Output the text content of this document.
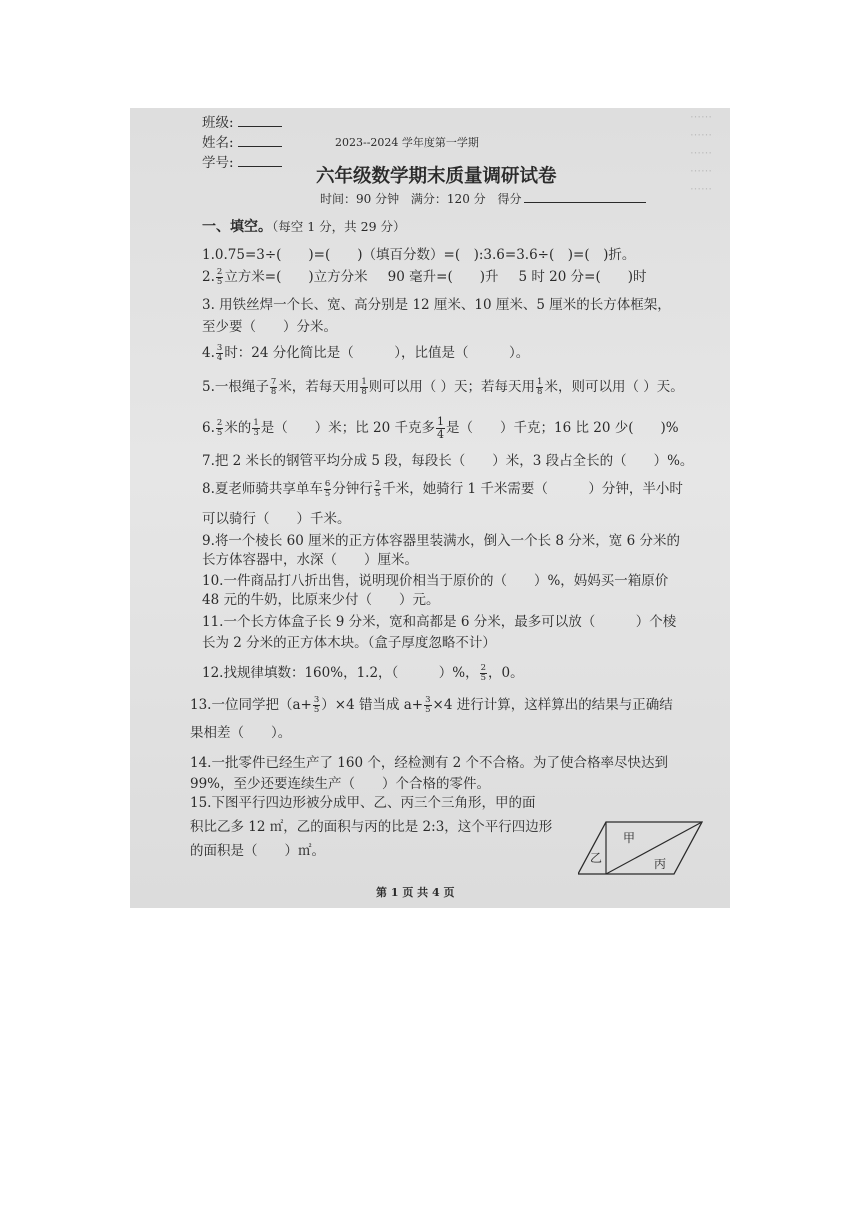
⋯⋯
⋯⋯
⋯⋯
⋯⋯
⋯⋯
班级:
姓名:
学号:
2023--2024 学年度第一学期
六年级数学期末质量调研试卷
时间：90 分钟 满分：120 分 得分
一、填空。（每空 1 分，共 29 分）
1.0.75=3÷(　　)=(　　)（填百分数）=(　):3.6=3.6÷(　)=(　)折。
2. $\frac{2}{5}$ 立方米=(　　)立方分米 90 毫升=(　　)升 5 时 20 分=(　　)时
3. 用铁丝焊一个长、宽、高分别是 12 厘米、10 厘米、5 厘米的长方体框架，
至少要（　　）分米。
4. $\frac{3}{4}$ 时：24 分化简比是（　　　），比值是（　　　）。
5.一根绳子 $\frac{7}{8}$ 米，若每天用 $\frac{1}{8}$ 则可以用（ ）天；若每天用 $\frac{1}{8}$ 米，则可以用（ ）天。
6. $\frac{2}{5}$ 米的 $\frac{1}{3}$ 是（　　）米；比 20 千克多 $\frac{1}{4}$ 是（　　）千克；16 比 20 少(　　)%
7.把 2 米长的钢管平均分成 5 段，每段长（　　）米，3 段占全长的（　　）%。
8.夏老师骑共享单车 $\frac{6}{5}$ 分钟行 $\frac{2}{5}$ 千米，她骑行 1 千米需要（　　　）分钟，半小时
可以骑行（　　）千米。
9.将一个棱长 60 厘米的正方体容器里装满水，倒入一个长 8 分米，宽 6 分米的
长方体容器中，水深（　　）厘米。
10.一件商品打八折出售，说明现价相当于原价的（　　）%，妈妈买一箱原价
48 元的牛奶，比原来少付（　　）元。
11.一个长方体盒子长 9 分米，宽和高都是 6 分米，最多可以放（　　　）个棱
长为 2 分米的正方体木块。（盒子厚度忽略不计）
12.找规律填数：160%，1.2，（　　　）%， $\frac{2}{5}$ ，0。
13.一位同学把$(a+ \frac{3}{5} )\times 4$ 错当成 $a+ \frac{3}{5} \times 4$ 进行计算，这样算出的结果与正确结
果相差（　　）。
14.一批零件已经生产了 160 个，经检测有 2 个不合格。为了使合格率尽快达到
99%，至少还要连续生产（　　）个合格的零件。
15.下图平行四边形被分成甲、乙、丙三个三角形，甲的面
积比乙多 12 ㎡，乙的面积与丙的比是 2:3，这个平行四边形
的面积是（　　）㎡。
甲
乙	丙
第 1 页 共 4 页
